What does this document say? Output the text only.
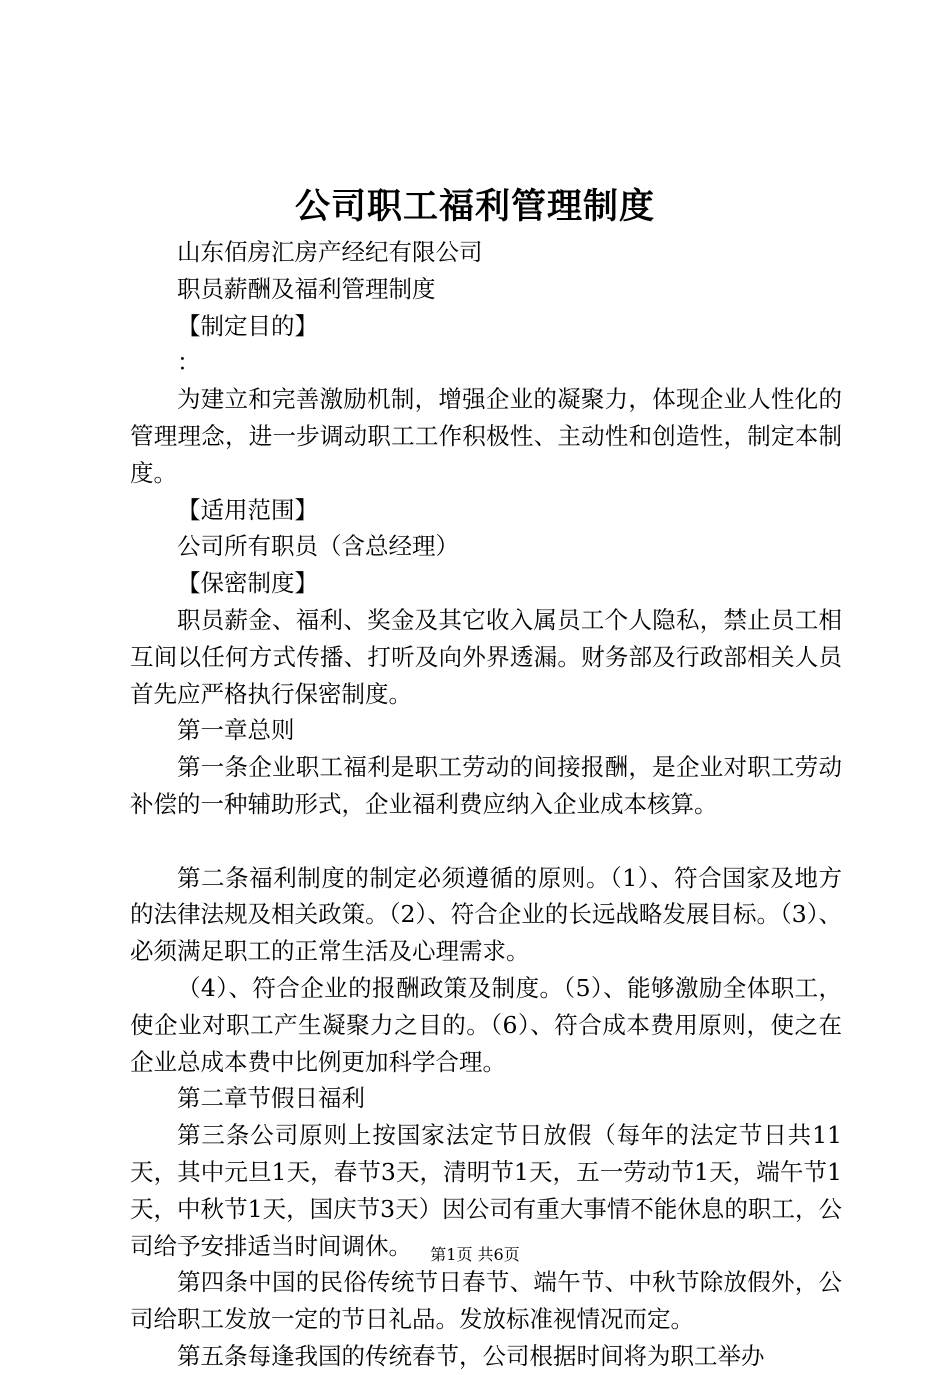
公司职工福利管理制度

山东佰房汇房产经纪有限公司

职员薪酬及福利管理制度

【制定目的】

：

为建立和完善激励机制，增强企业的凝聚力，体现企业人性化的管理理念，进一步调动职工工作积极性、主动性和创造性，制定本制度。

【适用范围】

公司所有职员（含总经理）

【保密制度】

职员薪金、福利、奖金及其它收入属员工个人隐私，禁止员工相互间以任何方式传播、打听及向外界透漏。财务部及行政部相关人员首先应严格执行保密制度。

第一章总则

第一条企业职工福利是职工劳动的间接报酬，是企业对职工劳动补偿的一种辅助形式，企业福利费应纳入企业成本核算。

第二条福利制度的制定必须遵循的原则。（1）、符合国家及地方的法律法规及相关政策。（2）、符合企业的长远战略发展目标。（3）、必须满足职工的正常生活及心理需求。

（4）、符合企业的报酬政策及制度。（5）、能够激励全体职工，使企业对职工产生凝聚力之目的。（6）、符合成本费用原则，使之在企业总成本费中比例更加科学合理。

第二章节假日福利

第三条公司原则上按国家法定节日放假（每年的法定节日共11天，其中元旦1天，春节3天，清明节1天，五一劳动节1天，端午节1天，中秋节1天，国庆节3天）因公司有重大事情不能休息的职工，公司给予安排适当时间调休。

第四条中国的民俗传统节日春节、端午节、中秋节除放假外，公司给职工发放一定的节日礼品。发放标准视情况而定。

第五条每逢我国的传统春节，公司根据时间将为职工举办

第1页 共6页
